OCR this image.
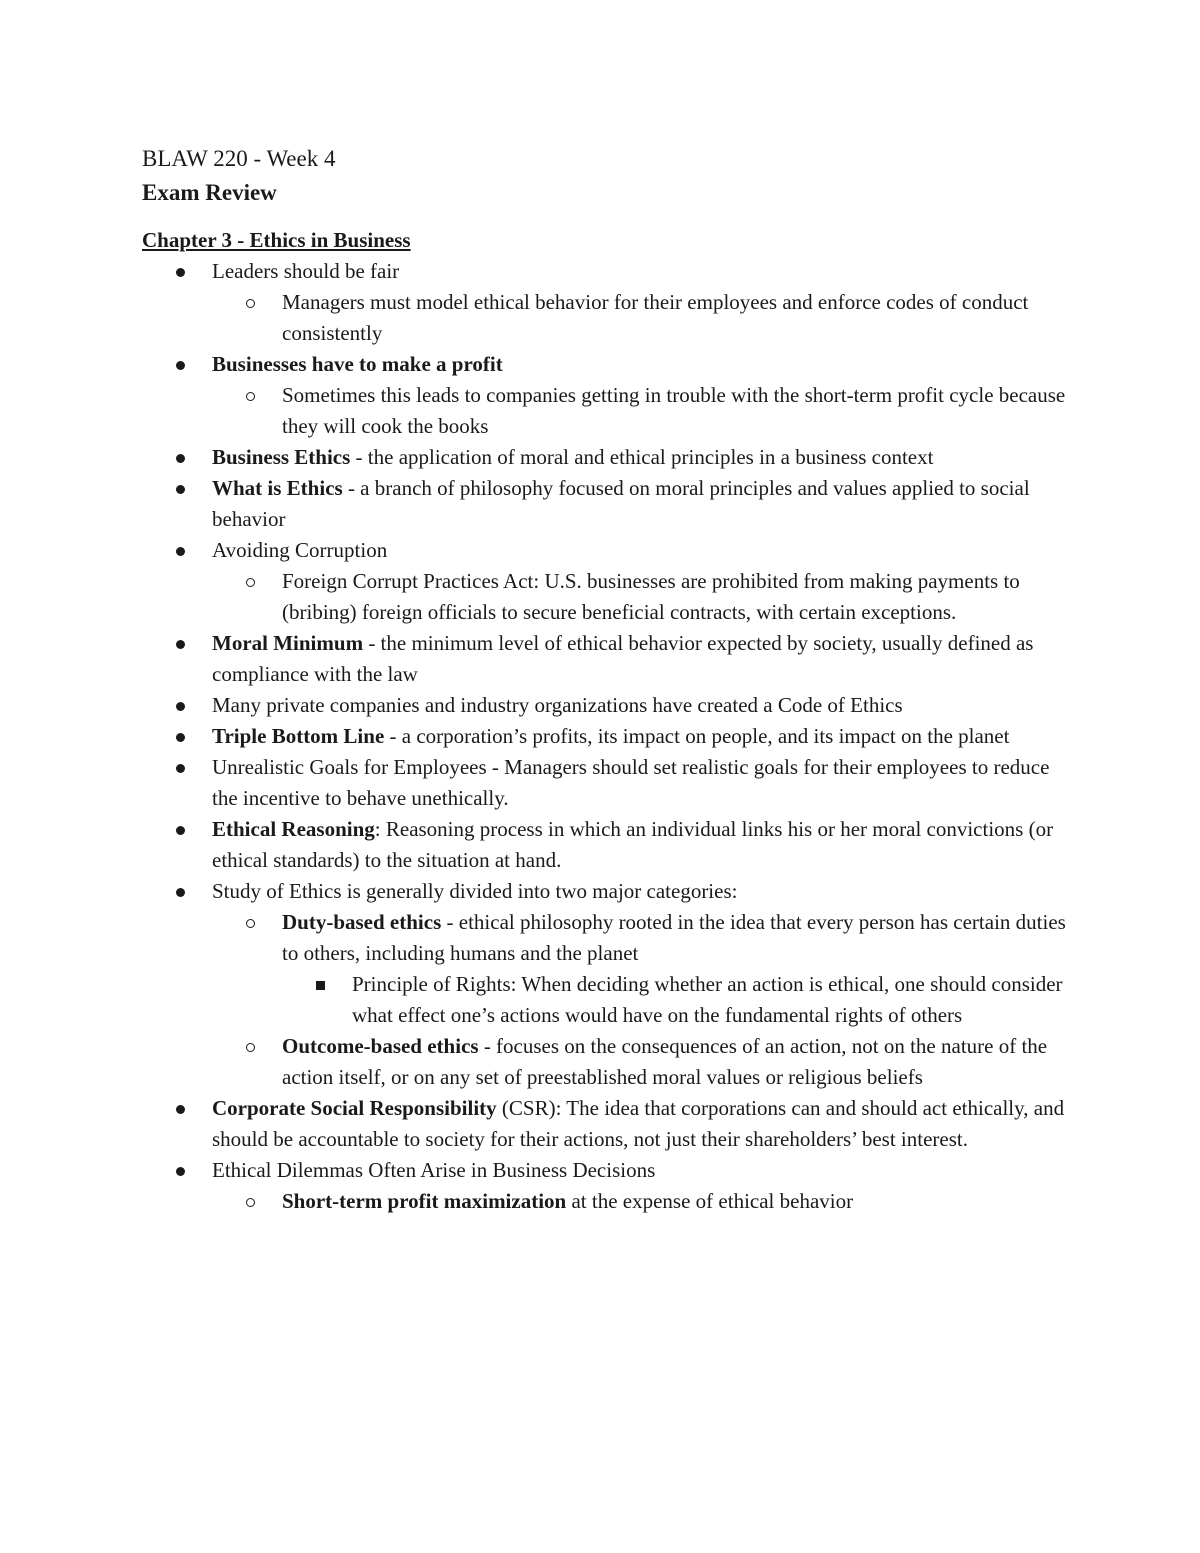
BLAW 220 - Week 4
Exam Review
Chapter 3 - Ethics in Business
Leaders should be fair
Managers must model ethical behavior for their employees and enforce codes of conduct consistently
Businesses have to make a profit
Sometimes this leads to companies getting in trouble with the short-term profit cycle because they will cook the books
Business Ethics - the application of moral and ethical principles in a business context
What is Ethics - a branch of philosophy focused on moral principles and values applied to social behavior
Avoiding Corruption
Foreign Corrupt Practices Act: U.S. businesses are prohibited from making payments to (bribing) foreign officials to secure beneficial contracts, with certain exceptions.
Moral Minimum - the minimum level of ethical behavior expected by society, usually defined as compliance with the law
Many private companies and industry organizations have created a Code of Ethics
Triple Bottom Line - a corporation’s profits, its impact on people, and its impact on the planet
Unrealistic Goals for Employees - Managers should set realistic goals for their employees to reduce the incentive to behave unethically.
Ethical Reasoning: Reasoning process in which an individual links his or her moral convictions (or ethical standards) to the situation at hand.
Study of Ethics is generally divided into two major categories:
Duty-based ethics - ethical philosophy rooted in the idea that every person has certain duties to others, including humans and the planet
Principle of Rights: When deciding whether an action is ethical, one should consider what effect one’s actions would have on the fundamental rights of others
Outcome-based ethics - focuses on the consequences of an action, not on the nature of the action itself, or on any set of preestablished moral values or religious beliefs
Corporate Social Responsibility (CSR): The idea that corporations can and should act ethically, and should be accountable to society for their actions, not just their shareholders’ best interest.
Ethical Dilemmas Often Arise in Business Decisions
Short-term profit maximization at the expense of ethical behavior
